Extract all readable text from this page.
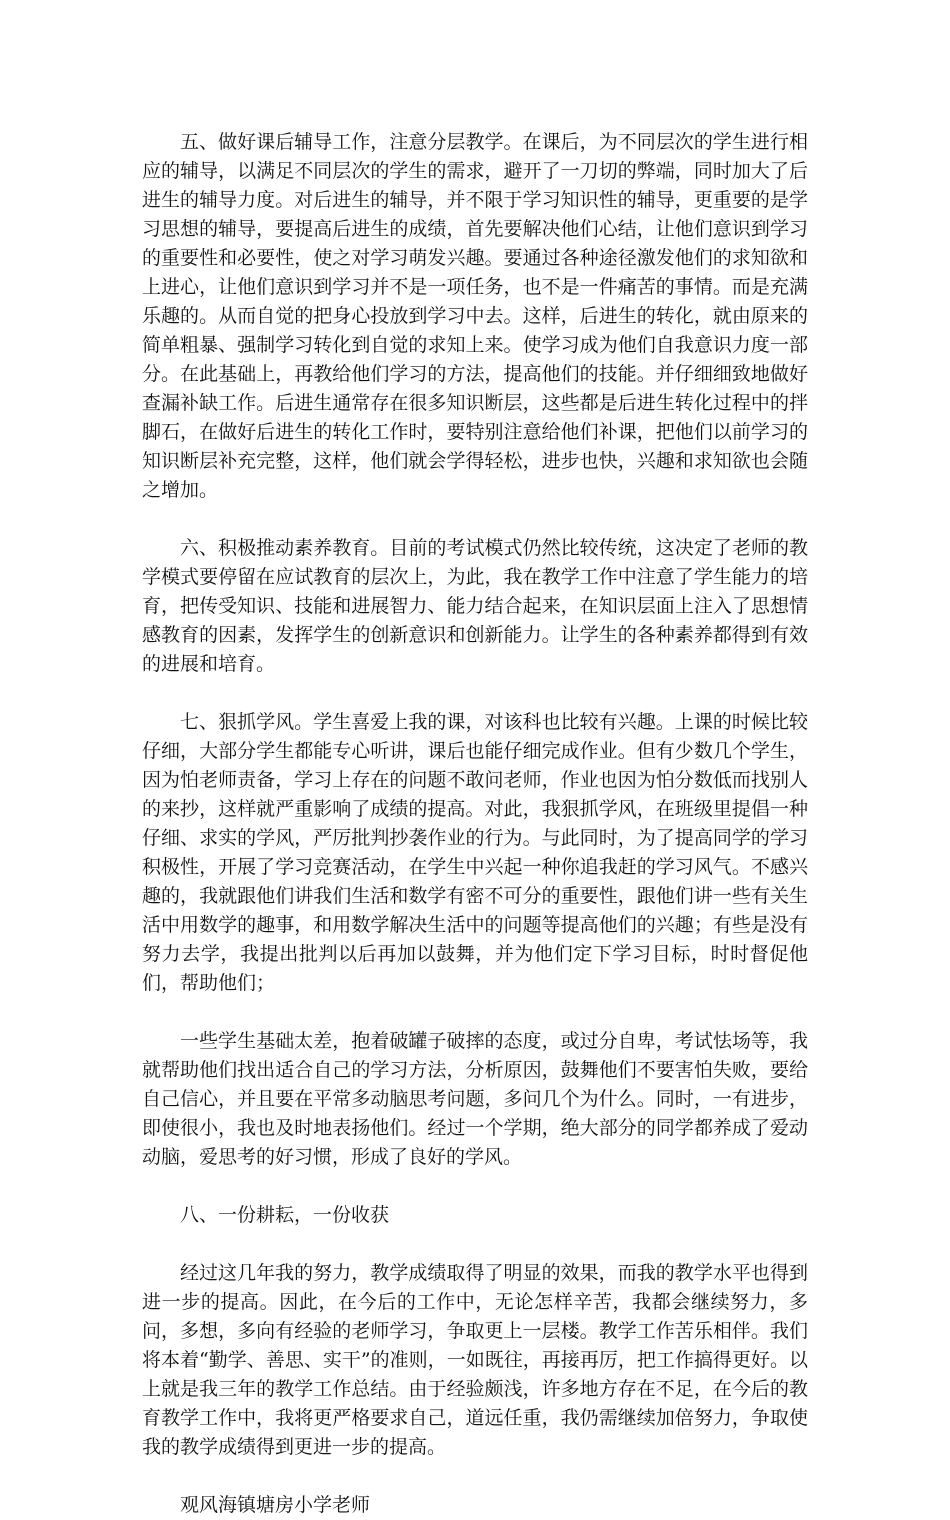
五、做好课后辅导工作，注意分层教学。在课后，为不同层次的学生进行相应的辅导，以满足不同层次的学生的需求，避开了一刀切的弊端，同时加大了后进生的辅导力度。对后进生的辅导，并不限于学习知识性的辅导，更重要的是学习思想的辅导，要提高后进生的成绩，首先要解决他们心结，让他们意识到学习的重要性和必要性，使之对学习萌发兴趣。要通过各种途径激发他们的求知欲和上进心，让他们意识到学习并不是一项任务，也不是一件痛苦的事情。而是充满乐趣的。从而自觉的把身心投放到学习中去。这样，后进生的转化，就由原来的简单粗暴、强制学习转化到自觉的求知上来。使学习成为他们自我意识力度一部分。在此基础上，再教给他们学习的方法，提高他们的技能。并仔细细致地做好查漏补缺工作。后进生通常存在很多知识断层，这些都是后进生转化过程中的拌脚石，在做好后进生的转化工作时，要特别注意给他们补课，把他们以前学习的知识断层补充完整，这样，他们就会学得轻松，进步也快，兴趣和求知欲也会随之增加。

六、积极推动素养教育。目前的考试模式仍然比较传统，这决定了老师的教学模式要停留在应试教育的层次上，为此，我在教学工作中注意了学生能力的培育，把传受知识、技能和进展智力、能力结合起来，在知识层面上注入了思想情感教育的因素，发挥学生的创新意识和创新能力。让学生的各种素养都得到有效的进展和培育。

七、狠抓学风。学生喜爱上我的课，对该科也比较有兴趣。上课的时候比较仔细，大部分学生都能专心听讲，课后也能仔细完成作业。但有少数几个学生，因为怕老师责备，学习上存在的问题不敢问老师，作业也因为怕分数低而找别人的来抄，这样就严重影响了成绩的提高。对此，我狠抓学风，在班级里提倡一种仔细、求实的学风，严厉批判抄袭作业的行为。与此同时，为了提高同学的学习积极性，开展了学习竞赛活动，在学生中兴起一种你追我赶的学习风气。不感兴趣的，我就跟他们讲我们生活和数学有密不可分的重要性，跟他们讲一些有关生活中用数学的趣事，和用数学解决生活中的问题等提高他们的兴趣；有些是没有努力去学，我提出批判以后再加以鼓舞，并为他们定下学习目标，时时督促他们，帮助他们；

一些学生基础太差，抱着破罐子破摔的态度，或过分自卑，考试怯场等，我就帮助他们找出适合自己的学习方法，分析原因，鼓舞他们不要害怕失败，要给自己信心，并且要在平常多动脑思考问题，多问几个为什么。同时，一有进步，即使很小，我也及时地表扬他们。经过一个学期，绝大部分的同学都养成了爱动动脑，爱思考的好习惯，形成了良好的学风。

八、一份耕耘，一份收获

经过这几年我的努力，教学成绩取得了明显的效果，而我的教学水平也得到进一步的提高。因此，在今后的工作中，无论怎样辛苦，我都会继续努力，多问，多想，多向有经验的老师学习，争取更上一层楼。教学工作苦乐相伴。我们将本着“勤学、善思、实干”的准则，一如既往，再接再厉，把工作搞得更好。以上就是我三年的教学工作总结。由于经验颇浅，许多地方存在不足，在今后的教育教学工作中，我将更严格要求自己，道远任重，我仍需继续加倍努力，争取使我的教学成绩得到更进一步的提高。

观风海镇塘房小学老师
